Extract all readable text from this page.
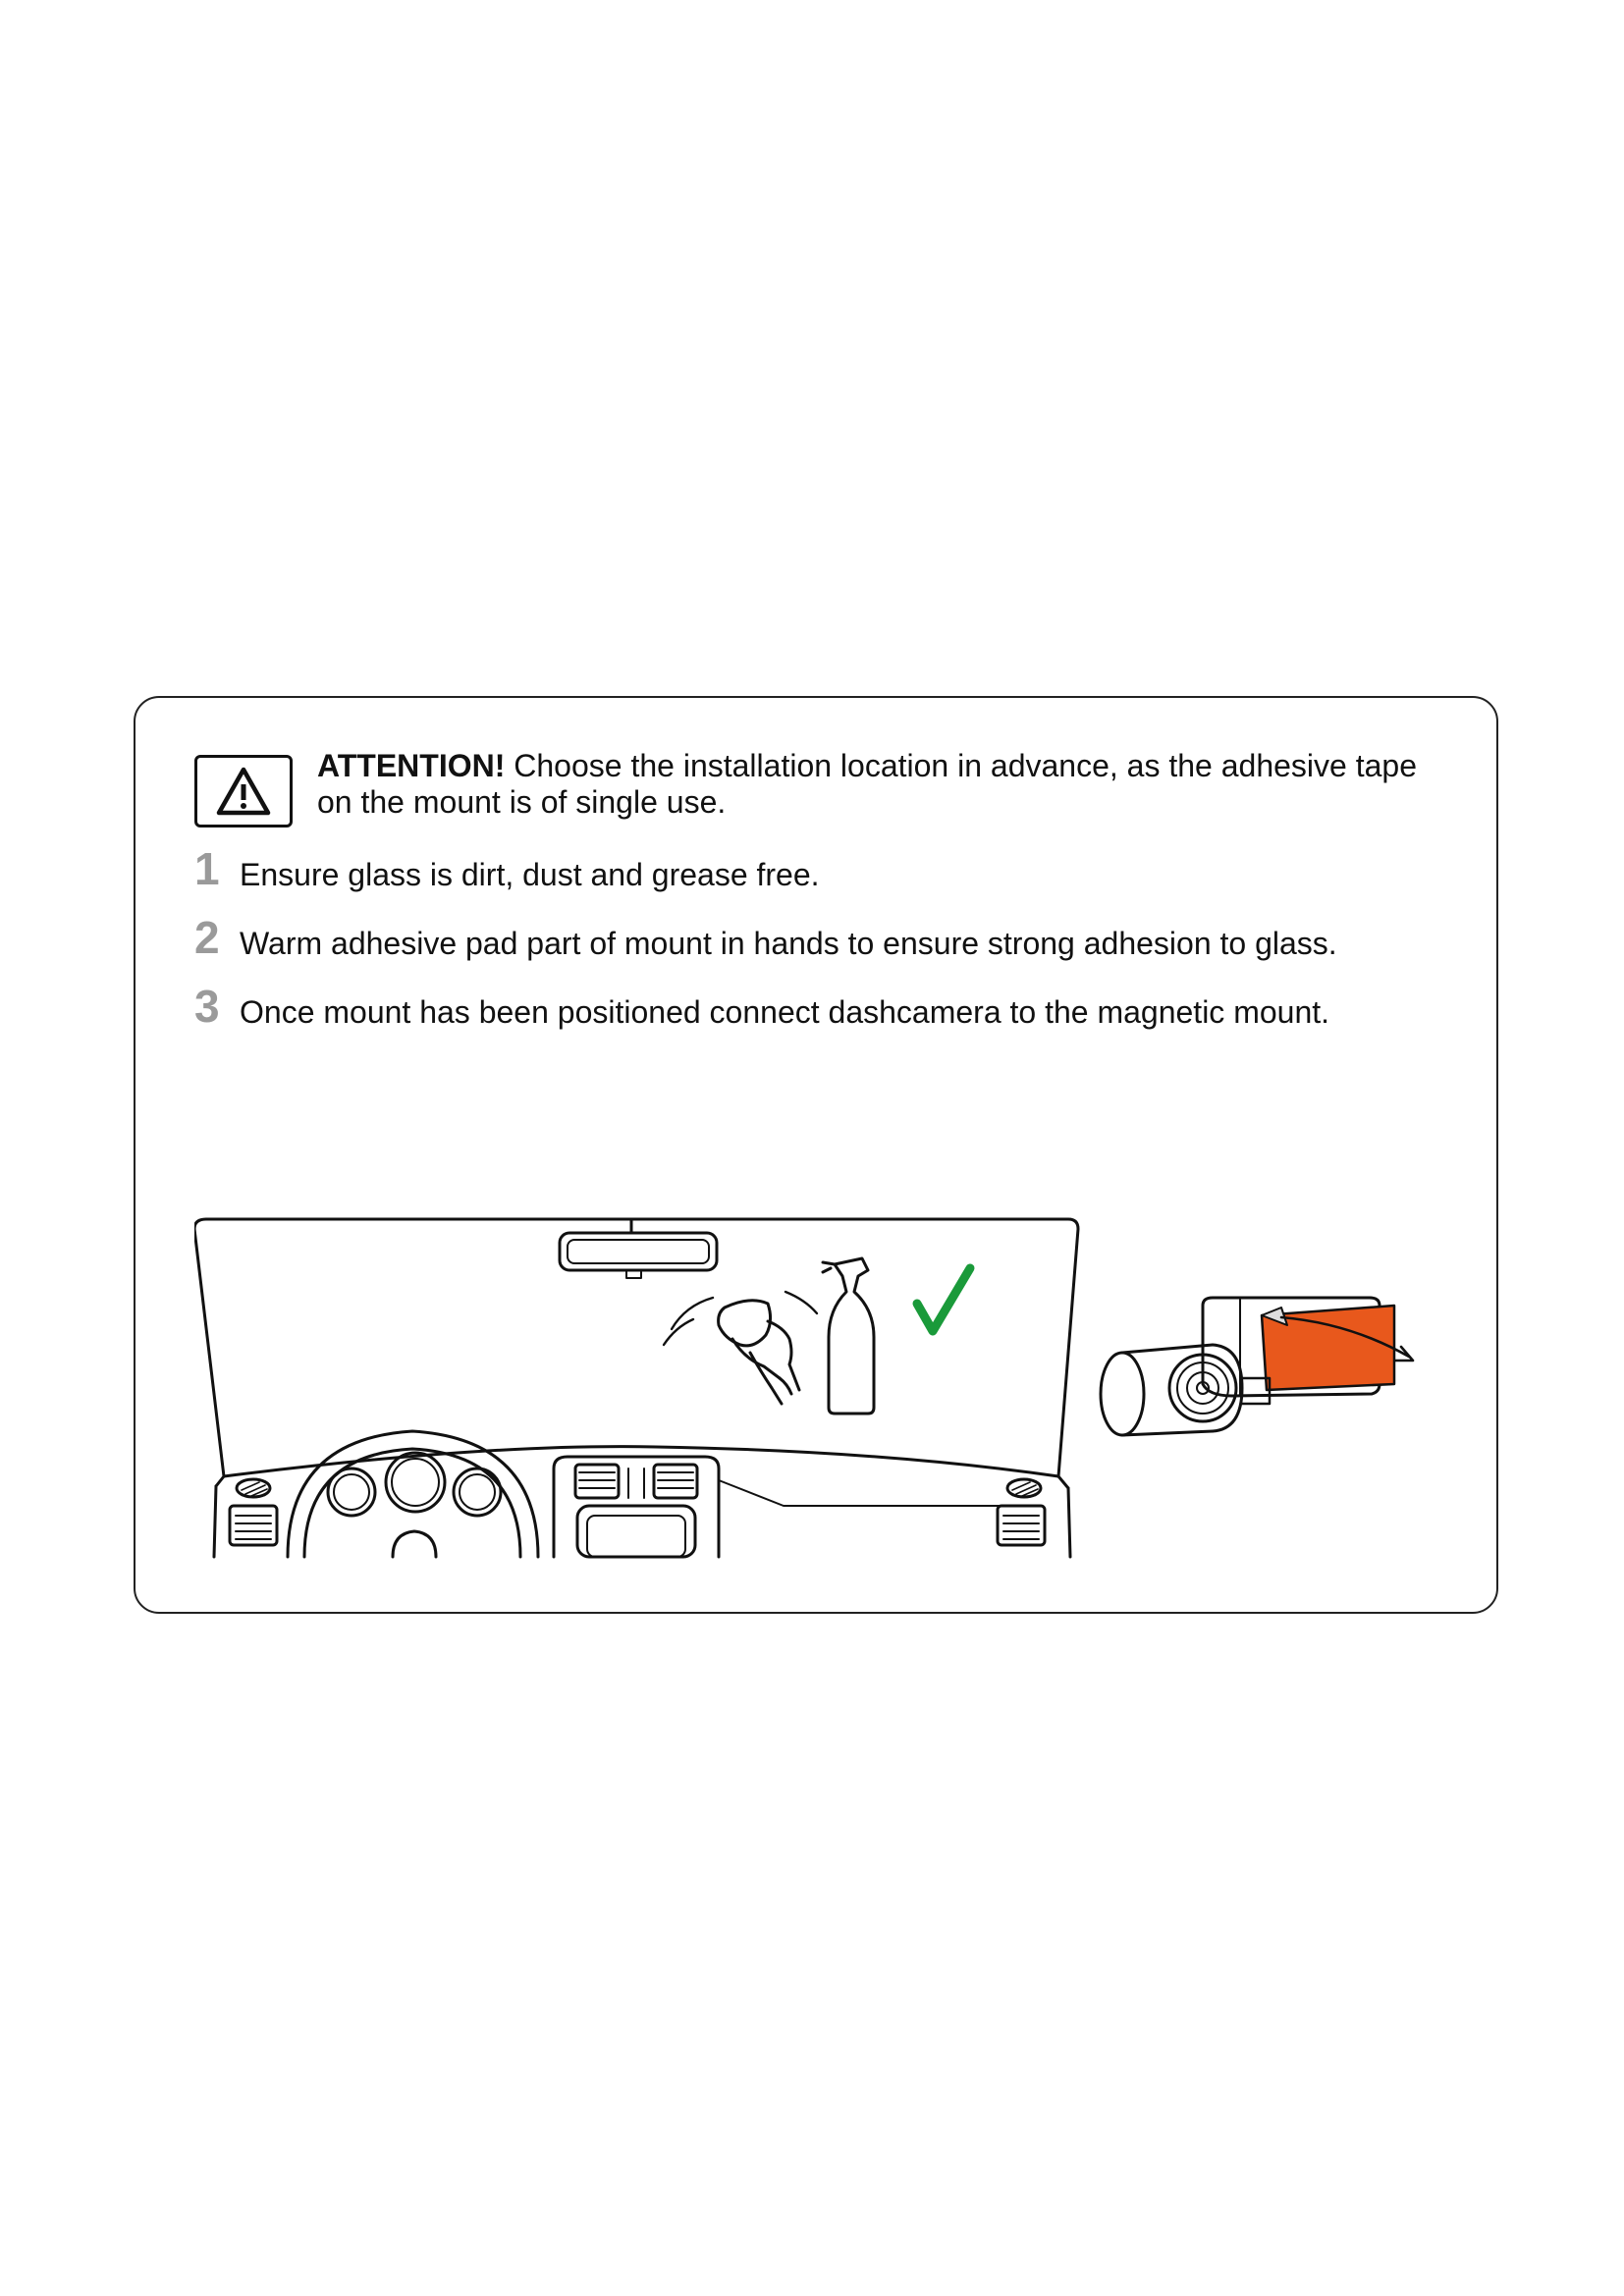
ATTENTION! Choose the installation location in advance, as the adhesive tape on the mount is of single use.
1 Ensure glass is dirt, dust and grease free.
2 Warm adhesive pad part of mount in hands to ensure strong adhesion to glass.
3 Once mount has been positioned connect dashcamera to the magnetic mount.
